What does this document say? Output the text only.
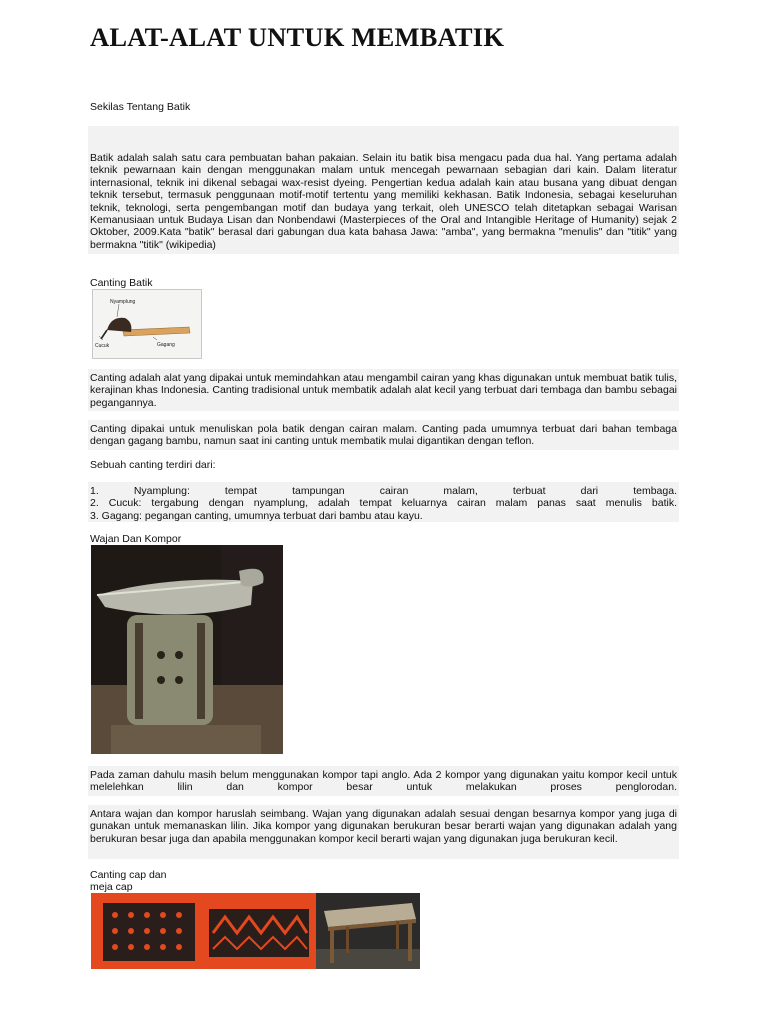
ALAT-ALAT UNTUK MEMBATIK
Sekilas Tentang Batik

Batik adalah salah satu cara pembuatan bahan pakaian. Selain itu batik bisa mengacu pada dua hal. Yang pertama adalah teknik pewarnaan kain dengan menggunakan malam untuk mencegah pewarnaan sebagian dari kain. Dalam literatur internasional, teknik ini dikenal sebagai wax-resist dyeing. Pengertian kedua adalah kain atau busana yang dibuat dengan teknik tersebut, termasuk penggunaan motif-motif tertentu yang memiliki kekhasan. Batik Indonesia, sebagai keseluruhan teknik, teknologi, serta pengembangan motif dan budaya yang terkait, oleh UNESCO telah ditetapkan sebagai Warisan Kemanusiaan untuk Budaya Lisan dan Nonbendawi (Masterpieces of the Oral and Intangible Heritage of Humanity) sejak 2 Oktober, 2009.Kata "batik" berasal dari gabungan dua kata bahasa Jawa: "amba", yang bermakna "menulis" dan "titik" yang bermakna "titik" (wikipedia)

Canting Batik
Nyamplung
Cucuk	Gagang

Canting adalah alat yang dipakai untuk memindahkan atau mengambil cairan yang khas digunakan untuk membuat batik tulis, kerajinan khas Indonesia. Canting tradisional untuk membatik adalah alat kecil yang terbuat dari tembaga dan bambu sebagai pegangannya.

Canting dipakai untuk menuliskan pola batik dengan cairan malam. Canting pada umumnya terbuat dari bahan tembaga dengan gagang bambu, namun saat ini canting untuk membatik mulai digantikan dengan teflon.

Sebuah canting terdiri dari:
1. Nyamplung: tempat tampungan cairan malam, terbuat dari tembaga.
2. Cucuk: tergabung dengan nyamplung, adalah tempat keluarnya cairan malam panas saat menulis batik.
3. Gagang: pegangan canting, umumnya terbuat dari bambu atau kayu.
Wajan Dan Kompor

Pada zaman dahulu masih belum menggunakan kompor tapi anglo. Ada 2 kompor yang digunakan yaitu kompor kecil untuk melelehkan lilin dan kompor besar untuk melakukan proses penglorodan.

Antara wajan dan kompor haruslah seimbang. Wajan yang digunakan adalah sesuai dengan besarnya kompor yang juga di gunakan untuk memanaskan lilin. Jika kompor yang digunakan berukuran besar berarti wajan yang digunakan adalah yang berukuran besar juga dan apabila menggunakan kompor kecil berarti wajan yang digunakan juga berukuran kecil.

Canting cap dan
meja cap
